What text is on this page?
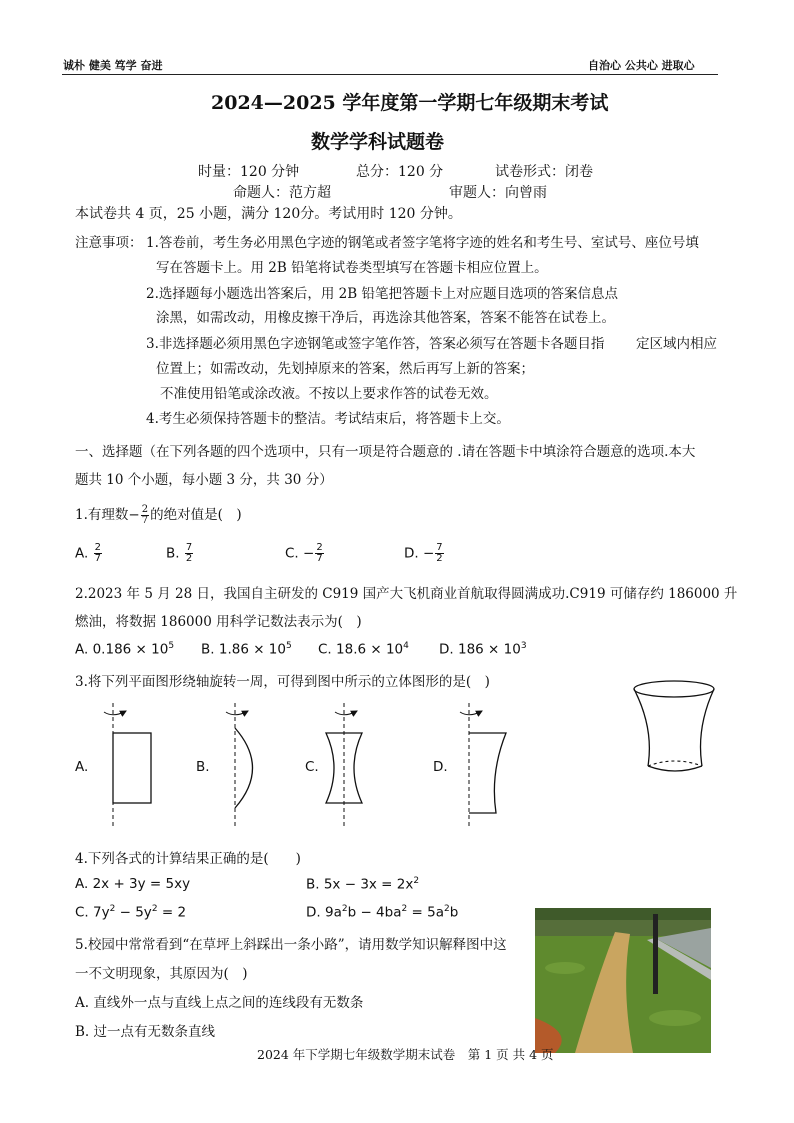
诚朴 健美 笃学 奋进	自治心 公共心 进取心
2024—2025 学年度第一学期七年级期末考试
数学学科试题卷
时量：120 分钟	总分：120 分	试卷形式：闭卷
命题人：范方超	审题人：向曾雨
本试卷共 4 页，25 小题，满分 120分。考试用时 120 分钟。
注意事项： 1.答卷前，考生务必用黑色字迹的钢笔或者签字笔将字迹的姓名和考生号、室试号、座位号填
写在答题卡上。用 2B 铅笔将试卷类型填写在答题卡相应位置上。
2.选择题每小题选出答案后，用 2B 铅笔把答题卡上对应题目选项的答案信息点
涂黑，如需改动，用橡皮擦干净后，再选涂其他答案，答案不能答在试卷上。
3.非选择题必须用黑色字迹钢笔或签字笔作答，答案必须写在答题卡各题目指 定区域内相应
位置上；如需改动，先划掉原来的答案，然后再写上新的答案；
不准使用铅笔或涂改液。不按以上要求作答的试卷无效。
4.考生必须保持答题卡的整洁。考试结束后，将答题卡上交。
一、选择题（在下列各题的四个选项中，只有一项是符合题意的 .请在答题卡中填涂符合题意的选项.本大
题共 10 个小题，每小题 3 分，共 30 分）
1.有理数− $\frac{2}{7}$ 的绝对值是(　)
A. $\frac{2}{7}$	B. $\frac{7}{2}$	C. − $\frac{2}{7}$	D. − $\frac{7}{2}$
2.2023 年 5 月 28 日，我国自主研发的 C919 国产大飞机商业首航取得圆满成功.C919 可储存约 186000 升
燃油，将数据 186000 用科学记数法表示为(　)
A. $0.186 \times 10^5$ B. $1.86 \times 10^5$ C. $18.6 \times 10^4$ D. $186 \times 10^3$
3.将下列平面图形绕轴旋转一周，可得到图中所示的立体图形的是(　)
A.	B.	C.	D.
4.下列各式的计算结果正确的是(　　)
A. 2x + 3y = 5xy	B. $5x - 3x = 2x^2$
C. $7y^2 - 5y^2 = 2$	D. $9a^2b - 4ba^2 = 5a^2b$
5.校园中常常看到“在草坪上斜踩出一条小路”，请用数学知识解释图中这
一不文明现象，其原因为(　)
A. 直线外一点与直线上点之间的连线段有无数条
B. 过一点有无数条直线
2024 年下学期七年级数学期末试卷　第 1 页 共 4 页
